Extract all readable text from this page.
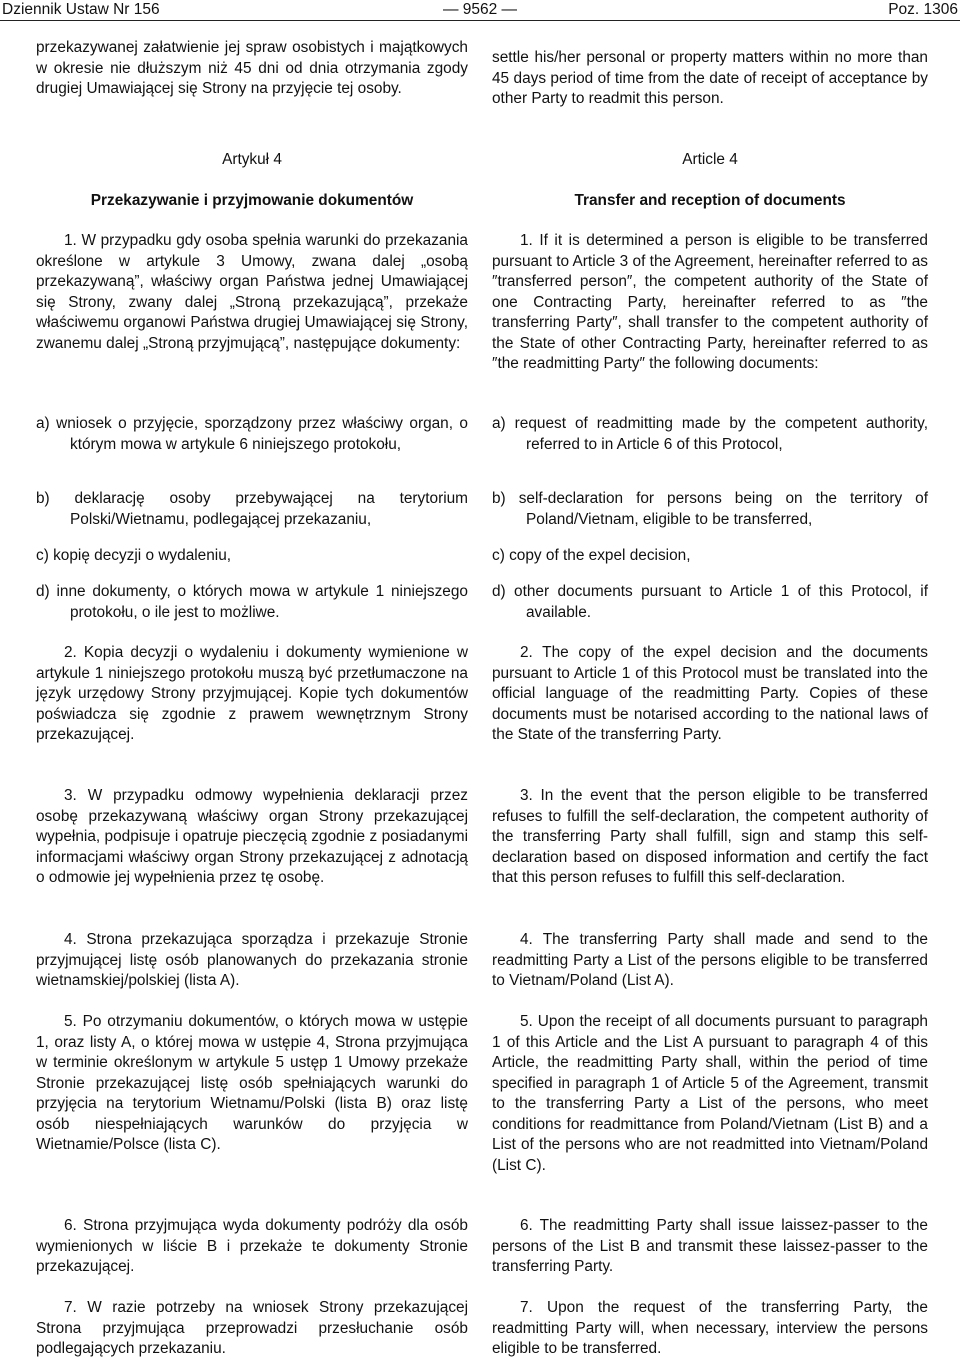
Dziennik Ustaw Nr 156	— 9562 —	Poz. 1306

przekazywanej załatwienie jej spraw osobistych i majątkowych w okresie nie dłuższym niż 45 dni od dnia otrzymania zgody drugiej Umawiającej się Strony na przyjęcie tej osoby.

Artykuł 4

Przekazywanie i przyjmowanie dokumentów

1. W przypadku gdy osoba spełnia warunki do przekazania określone w artykule 3 Umowy, zwana dalej „osobą przekazywaną”, właściwy organ Państwa jednej Umawiającej się Strony, zwany dalej „Stroną przekazującą”, przekaże właściwemu organowi Państwa drugiej Umawiającej się Strony, zwanemu dalej „Stroną przyjmującą”, następujące dokumenty:

a) wniosek o przyjęcie, sporządzony przez właściwy organ, o którym mowa w artykule 6 niniejszego protokołu,

b) deklarację osoby przebywającej na terytorium Polski/Wietnamu, podlegającej przekazaniu,

c) kopię decyzji o wydaleniu,

d) inne dokumenty, o których mowa w artykule 1 niniejszego protokołu, o ile jest to możliwe.

2. Kopia decyzji o wydaleniu i dokumenty wymienione w artykule 1 niniejszego protokołu muszą być przetłumaczone na język urzędowy Strony przyjmującej. Kopie tych dokumentów poświadcza się zgodnie z prawem wewnętrznym Strony przekazującej.

3. W przypadku odmowy wypełnienia deklaracji przez osobę przekazywaną właściwy organ Strony przekazującej wypełnia, podpisuje i opatruje pieczęcią zgodnie z posiadanymi informacjami właściwy organ Strony przekazującej z adnotacją o odmowie jej wypełnienia przez tę osobę.

4. Strona przekazująca sporządza i przekazuje Stronie przyjmującej listę osób planowanych do przekazania stronie wietnamskiej/polskiej (lista A).

5. Po otrzymaniu dokumentów, o których mowa w ustępie 1, oraz listy A, o której mowa w ustępie 4, Strona przyjmująca w terminie określonym w artykule 5 ustęp 1 Umowy przekaże Stronie przekazującej listę osób spełniających warunki do przyjęcia na terytorium Wietnamu/Polski (lista B) oraz listę osób niespełniających warunków do przyjęcia w Wietnamie/Polsce (lista C).

6. Strona przyjmująca wyda dokumenty podróży dla osób wymienionych w liście B i przekaże te dokumenty Stronie przekazującej.

7. W razie potrzeby na wniosek Strony przekazującej Strona przyjmująca przeprowadzi przesłuchanie osób podlegających przekazaniu.

settle his/her personal or property matters within no more than 45 days period of time from the date of receipt of acceptance by other Party to readmit this person.

Article 4

Transfer and reception of documents

1. If it is determined a person is eligible to be transferred pursuant to Article 3 of the Agreement, hereinafter referred to as ″transferred person″, the competent authority of the State of one Contracting Party, hereinafter referred to as ″the transferring Party″, shall transfer to the competent authority of the State of other Contracting Party, hereinafter referred to as ″the readmitting Party″ the following documents:

a) request of readmitting made by the competent authority, referred to in Article 6 of this Protocol,

b) self-declaration for persons being on the territory of Poland/Vietnam, eligible to be transferred,

c) copy of the expel decision,

d) other documents pursuant to Article 1 of this Protocol, if available.

2. The copy of the expel decision and the documents pursuant to Article 1 of this Protocol must be translated into the official language of the readmitting Party. Copies of these documents must be notarised according to the national laws of the State of the transferring Party.

3. In the event that the person eligible to be transferred refuses to fulfill the self-declaration, the competent authority of the transferring Party shall fulfill, sign and stamp this self-declaration based on disposed information and certify the fact that this person refuses to fulfill this self-declaration.

4. The transferring Party shall made and send to the readmitting Party a List of the persons eligible to be transferred to Vietnam/Poland (List A).

5. Upon the receipt of all documents pursuant to paragraph 1 of this Article and the List A pursuant to paragraph 4 of this Article, the readmitting Party shall, within the period of time specified in paragraph 1 of Article 5 of the Agreement, transmit to the transferring Party a List of the persons, who meet conditions for readmittance from Poland/Vietnam (List B) and a List of the persons who are not readmitted into Vietnam/Poland (List C).

6. The readmitting Party shall issue laissez-passer to the persons of the List B and transmit these laissez-passer to the transferring Party.

7. Upon the request of the transferring Party, the readmitting Party will, when necessary, interview the persons eligible to be transferred.
